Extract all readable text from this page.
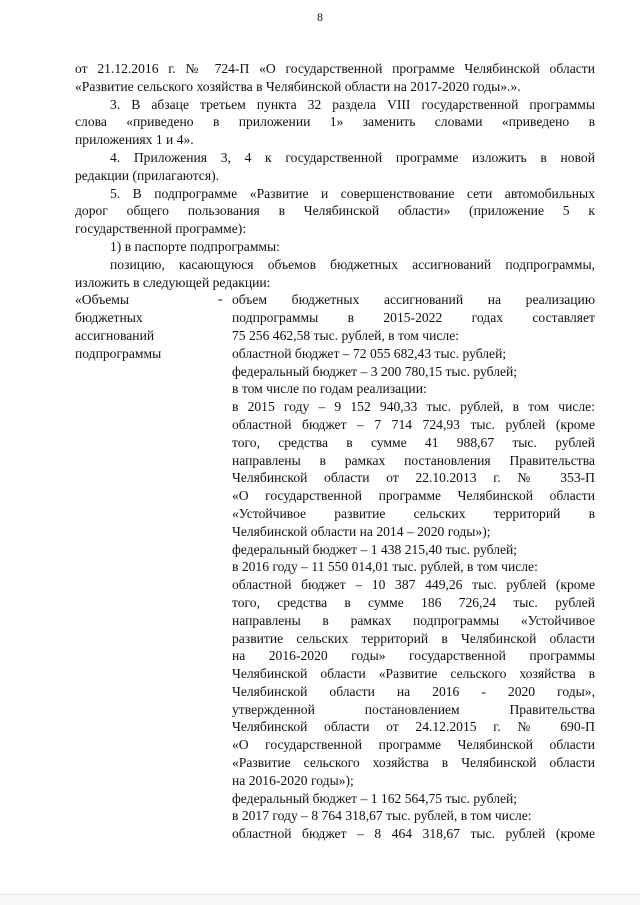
8
от 21.12.2016 г. № 724-П «О государственной программе Челябинской области
«Развитие сельского хозяйства в Челябинской области на 2017-2020 годы».».
3. В абзаце третьем пункта 32 раздела VIII государственной программы
слова «приведено в приложении 1» заменить словами «приведено в
приложениях 1 и 4».
4. Приложения 3, 4 к государственной программе изложить в новой
редакции (прилагаются).
5. В подпрограмме «Развитие и совершенствование сети автомобильных
дорог общего пользования в Челябинской области» (приложение 5 к
государственной программе):
1) в паспорте подпрограммы:
позицию, касающуюся объемов бюджетных ассигнований подпрограммы,
изложить в следующей редакции:
«Объемы
бюджетных
ассигнований
подпрограммы
- объем бюджетных ассигнований на реализацию
подпрограммы в 2015-2022 годах составляет
75 256 462,58 тыс. рублей, в том числе:
областной бюджет – 72 055 682,43 тыс. рублей;
федеральный бюджет – 3 200 780,15 тыс. рублей;
в том числе по годам реализации:
в 2015 году – 9 152 940,33 тыс. рублей, в том числе:
областной бюджет – 7 714 724,93 тыс. рублей (кроме
того, средства в сумме 41 988,67 тыс. рублей
направлены в рамках постановления Правительства
Челябинской области от 22.10.2013 г. № 353-П
«О государственной программе Челябинской области
«Устойчивое развитие сельских территорий в
Челябинской области на 2014 – 2020 годы»);
федеральный бюджет – 1 438 215,40 тыс. рублей;
в 2016 году – 11 550 014,01 тыс. рублей, в том числе:
областной бюджет – 10 387 449,26 тыс. рублей (кроме
того, средства в сумме 186 726,24 тыс. рублей
направлены в рамках подпрограммы «Устойчивое
развитие сельских территорий в Челябинской области
на 2016-2020 годы» государственной программы
Челябинской области «Развитие сельского хозяйства в
Челябинской области на 2016 - 2020 годы»,
утвержденной постановлением Правительства
Челябинской области от 24.12.2015 г. № 690-П
«О государственной программе Челябинской области
«Развитие сельского хозяйства в Челябинской области
на 2016-2020 годы»);
федеральный бюджет – 1 162 564,75 тыс. рублей;
в 2017 году – 8 764 318,67 тыс. рублей, в том числе:
областной бюджет – 8 464 318,67 тыс. рублей (кроме
